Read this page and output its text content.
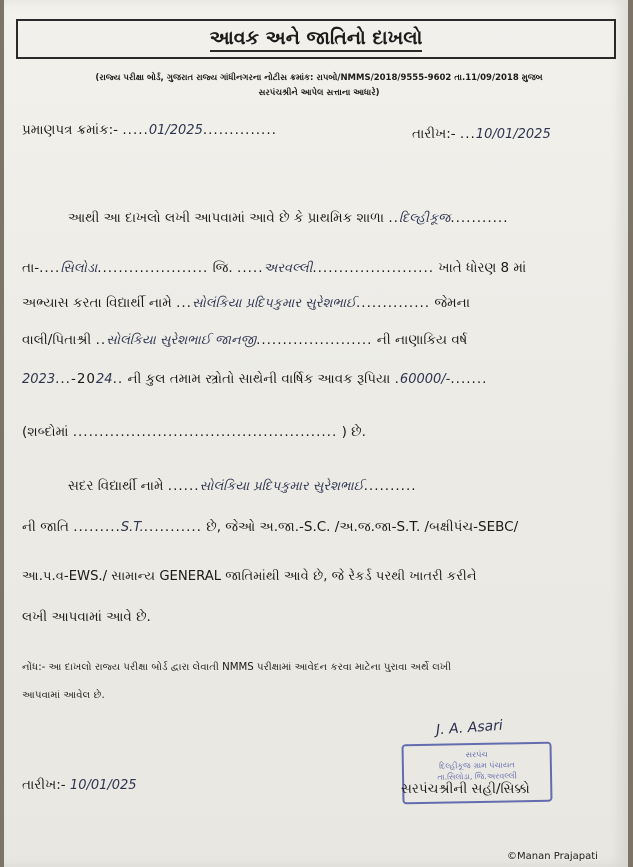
આવક અને જાતિનો દાખલો
(રાજ્ય પરીક્ષા બોર્ડ, ગુજરાત રાજ્ય ગાંધીનગરના નોટીસ ક્રમાંક: રાપબો/NMMS/2018/9555-9602 તા.11/09/2018 મુજબ
સરપંચશ્રીને આપેલ સત્તાના આધારે)
પ્રમાણપત્ર ક્રમાંક:- .....01/2025..............	તારીખ:- ...10/01/2025
આથી આ દાખલો લખી આપવામાં આવે છે કે પ્રાથમિક શાળા ..દિલ્હીકૂજ...........
તા-....સિલોડા..................... જિ. .....અરવલ્લી....................... ખાતે ધોરણ 8 માં
અભ્યાસ કરતા વિદ્યાર્થી નામે ...સોલંકિયા પ્રદિપકુમાર સુરેશભાઈ.............. જેમના
વાલી/પિતાશ્રી ..સોલંકિયા સુરેશભાઈ જાનજી...................... ની નાણાકિય વર્ષ
2023...-2024.. ની કુલ તમામ સ્ત્રોતો સાથેની વાર્ષિક આવક રૂપિયા .60000/-.......
(શબ્દોમાં .................................................. ) છે.
સદર વિદ્યાર્થી નામે ......સોલંકિયા પ્રદિપકુમાર સુરેશભાઈ..........
ની જાતિ .........S.T............ છે, જેઓ અ.જા.-S.C. /અ.જ.જા-S.T. /બક્ષીપંચ-SEBC/
આ.પ.વ-EWS./ સામાન્ય GENERAL જાતિમાંથી આવે છે, જે રેકર્ડ પરથી ખાતરી કરીને
લખી આપવામાં આવે છે.
નોંધ:- આ દાખલો રાજ્ય પરીક્ષા બોર્ડ દ્વારા લેવાતી NMMS પરીક્ષામાં આવેદન કરવા માટેના પુરાવા અર્થે લખી
આપવામાં આવેલ છે.
J. A. Asari
સરપંચ
દિલ્હીકૂજ ગ્રામ પંચાયત
તા.સિલોડા, જિ.અરવલ્લી
સરપંચશ્રીની સહી/સિક્કો
તારીખ:- 10/01/025
©Manan Prajapati
